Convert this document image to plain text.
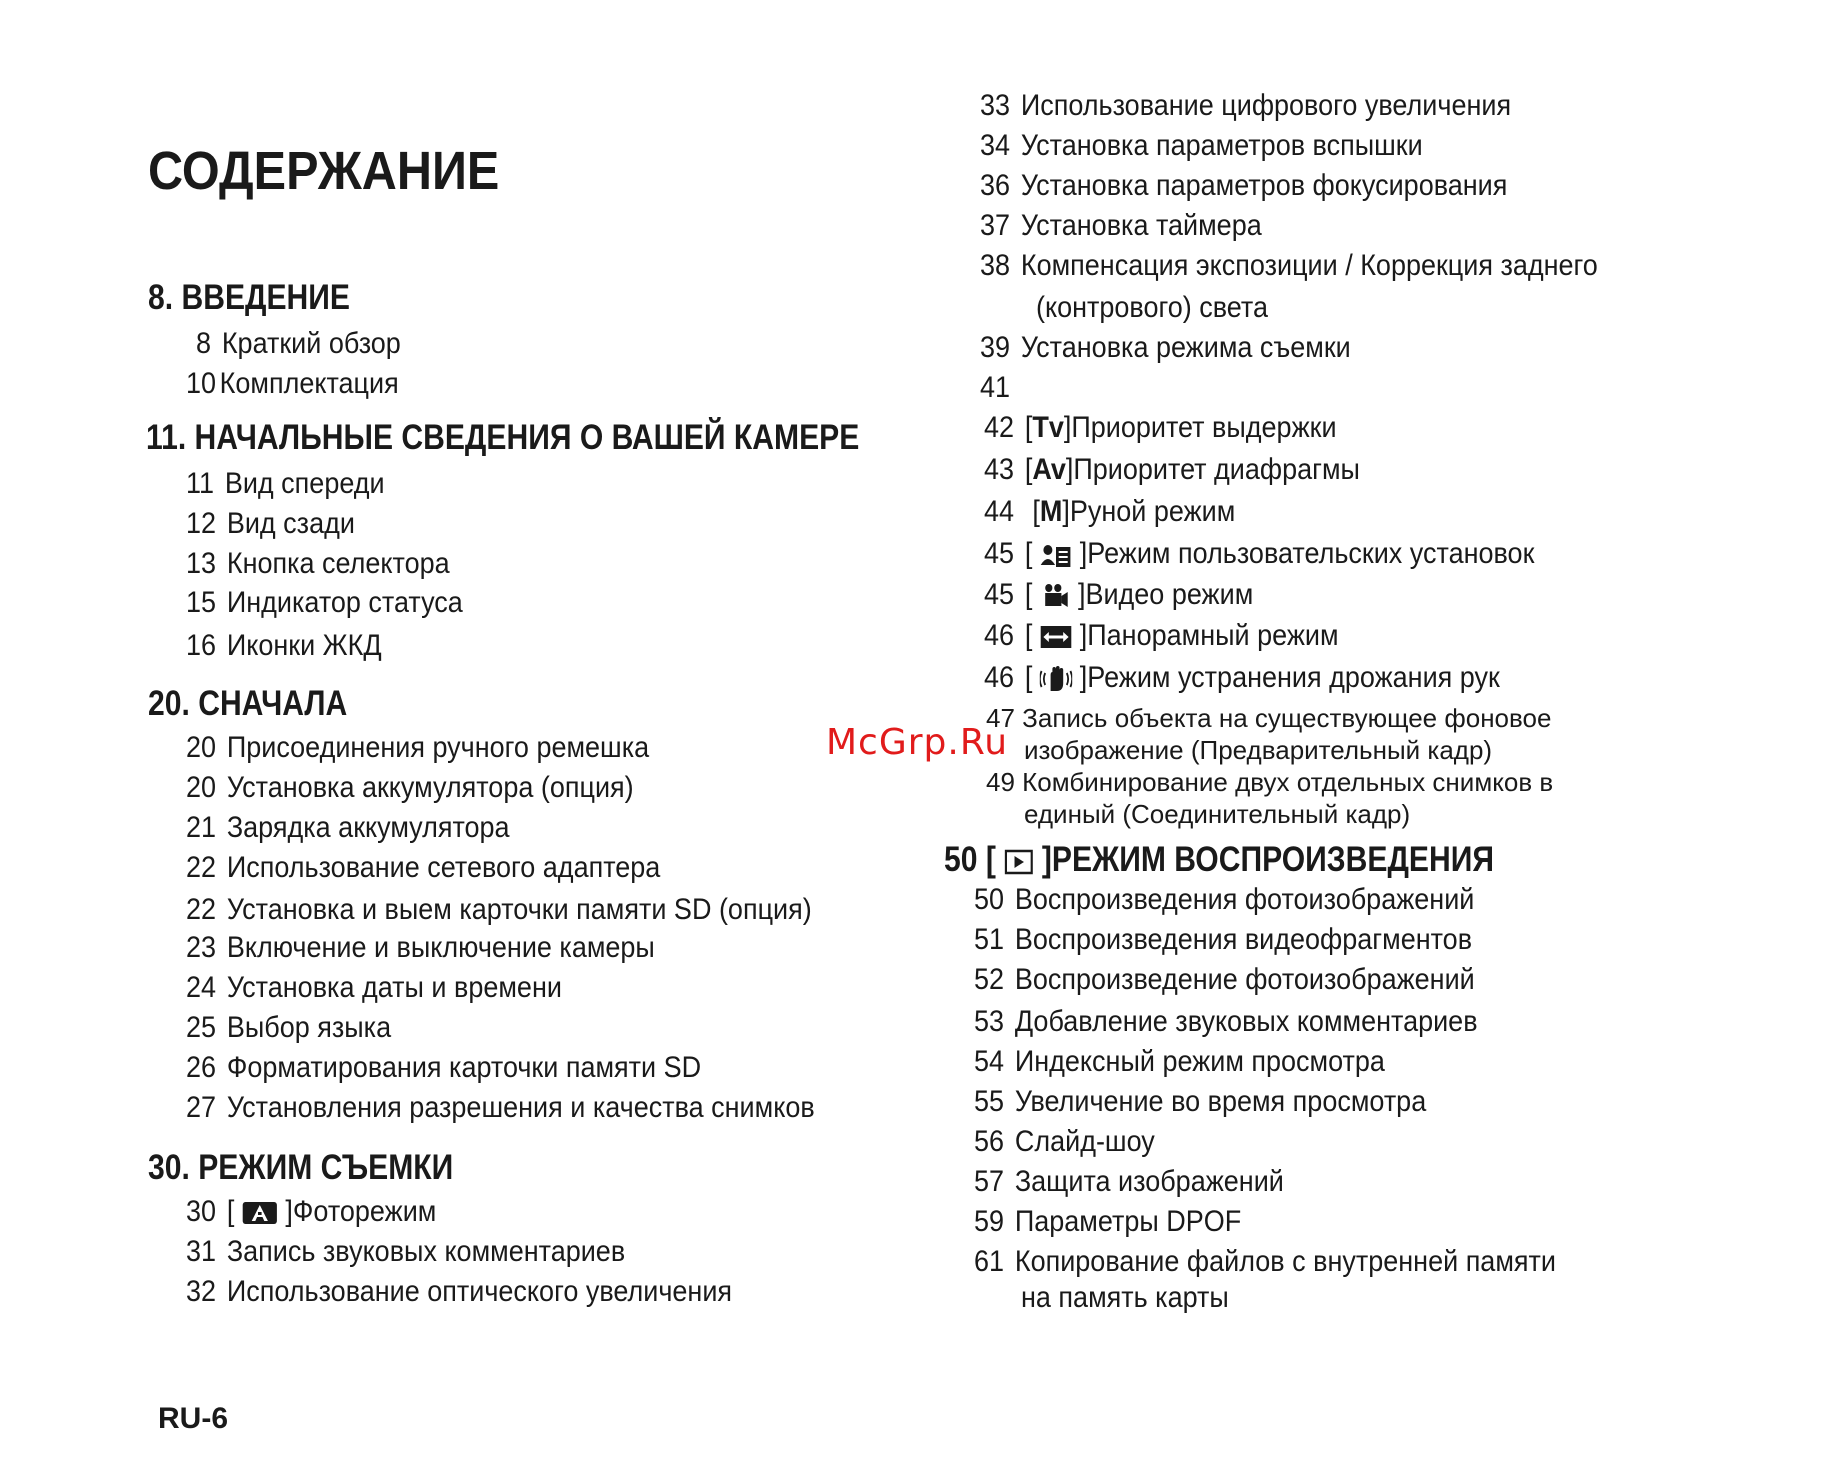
СОДЕРЖАНИЕ
8. ВВЕДЕНИЕ
8 Краткий обзор
10 Комплектация
11. НАЧАЛЬНЫЕ СВЕДЕНИЯ О ВАШЕЙ КАМЕРЕ
11 Вид спереди
12 Вид сзади
13 Кнопка селектора
15 Индикатор статуса
16 Иконки ЖКД
20. СНАЧАЛА
20 Присоединения ручного ремешка
20 Установка аккумулятора (опция)
21 Зарядка аккумулятора
22 Использование сетевого адаптера
22 Установка и выем карточки памяти SD (опция)
23 Включение и выключение камеры
24 Установка даты и времени
25 Выбор языка
26 Форматирования карточки памяти SD
27 Установления разрешения и качества снимков
30. РЕЖИМ СЪЕМКИ
30 [ ]Фоторежим
31 Запись звуковых комментариев
32 Использование оптического увеличения
33 Использование цифрового увеличения
34 Установка параметров вспышки
36 Установка параметров фокусирования
37 Установка таймера
38 Компенсация экспозиции / Коррекция заднего
(контрового) света
39 Установка режима съемки
41
42 [Tv]Приоритет выдержки
43 [Av]Приоритет диафрагмы
44 [M]Руной режим
45 [
]Режим пользовательских установок
45 [
]Видео режим
46 [
]Панорамный режим
46 [
]Режим устранения дрожания рук
47 Запись объекта на существующее фоновое
изображение (Предварительный кадр)
49 Комбинирование двух отдельных снимков в
единый (Соединительный кадр)
50 [
]РЕЖИМ ВОСПРОИЗВЕДЕНИЯ
50 Воспроизведения фотоизображений
51 Воспроизведения видеофрагментов
52 Воспроизведение фотоизображений
53 Добавление звуковых комментариев
54 Индексный режим просмотра
55 Увеличение во время просмотра
56 Слайд-шоу
57 Защита изображений
59 Параметры DPOF
61 Копирование файлов с внутренней памяти
на память карты
McGrp.Ru

RU-6
